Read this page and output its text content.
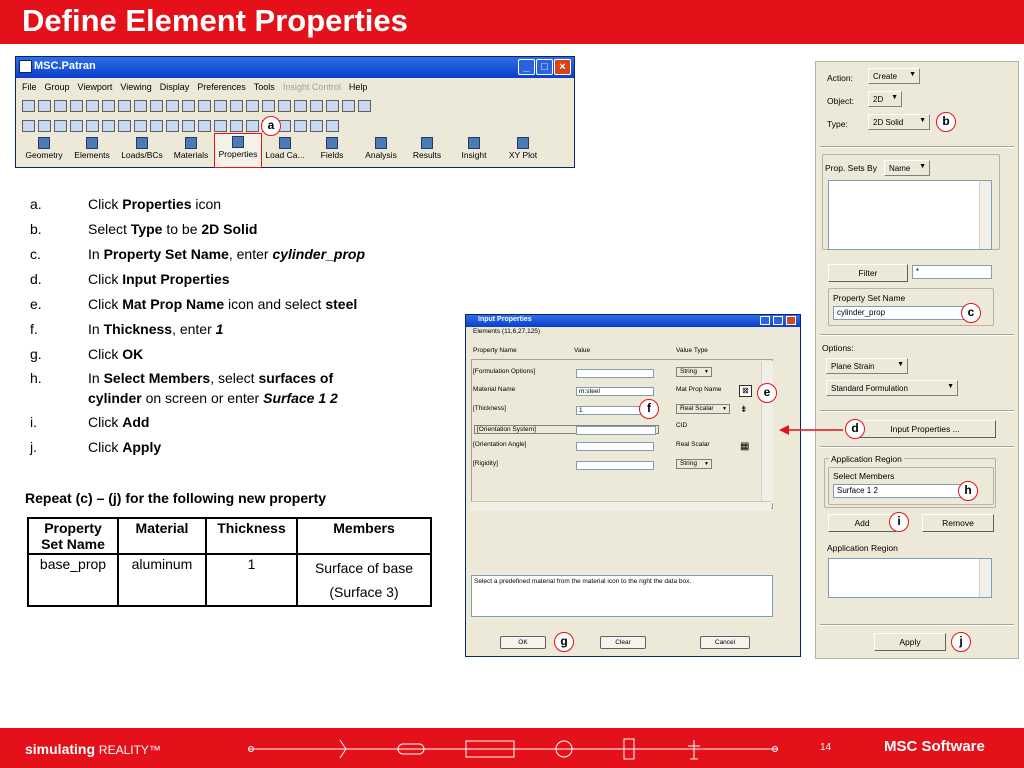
Define Element Properties
MSC.Patran	_	□	×
File Group Viewport Viewing Display Preferences Tools Insight Control Help
Geometry	Elements	Loads/BCs	Materials	Properties Load Ca...	Fields	Analysis	Results	Insight	XY Plot
a.	Click Properties icon
b.	Select Type to be 2D Solid
c.	In Property Set Name, enter cylinder_prop
d.	Click Input Properties
e.	Click Mat Prop Name icon and select steel
f.	In Thickness, enter 1
g.	Click OK
h.	In Select Members, select surfaces of
cylinder on screen or enter Surface 1 2
i.	Click Add
j.	Click Apply
Repeat (c) – (j) for the following new property
Property Set Name	Material	Thickness	Members
base_prop	aluminum	1	Surface of base (Surface 3)
Input Properties
Elements (11,6,27,125)
Property Name	Value	Value Type
[Formulation Options]	String ▼
Material Name	m:steel	Mat Prop Name	⊠
[Thickness]	1	Real Scalar ▼	⇟
[Orientation System]
CID
[Orientation Angle]	Real Scalar	▦
[Rigidity]	String ▼
Select a predefined material from the material icon to the right the data box.
OK	Clear	Cancel
Action:	Create ▼
Object:	2D ▼
Type:	2D Solid ▼
Prop. Sets By	Name ▼
Filter	*
Property Set Name
cylinder_prop
Options:
Plane Strain ▼
Standard Formulation ▼
Input Properties ...
Application Region
Select Members
Surface 1 2
Add	Remove
Application Region
Apply
a	b
c
d
e
f
g
h
i
j
simulating REALITY™	14	MSC Software
